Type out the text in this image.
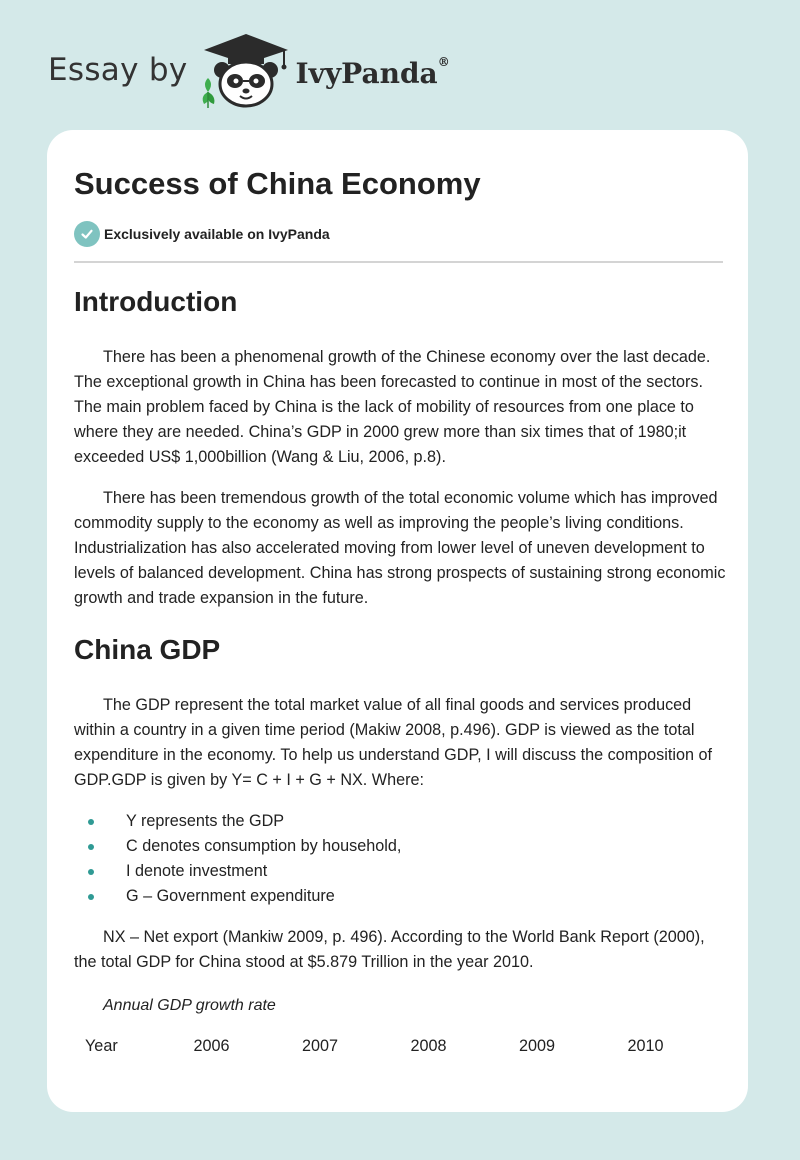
Essay by	IvyPanda®
Success of China Economy
Exclusively available on IvyPanda
Introduction

There has been a phenomenal growth of the Chinese economy over the last decade. The exceptional growth in China has been forecasted to continue in most of the sectors. The main problem faced by China is the lack of mobility of resources from one place to where they are needed. China’s GDP in 2000 grew more than six times that of 1980;it exceeded US$ 1,000billion (Wang & Liu, 2006, p.8).

There has been tremendous growth of the total economic volume which has improved commodity supply to the economy as well as improving the people’s living conditions. Industrialization has also accelerated moving from lower level of uneven development to levels of balanced development. China has strong prospects of sustaining strong economic growth and trade expansion in the future.

China GDP

The GDP represent the total market value of all final goods and services produced within a country in a given time period (Makiw 2008, p.496). GDP is viewed as the total expenditure in the economy. To help us understand GDP, I will discuss the composition of GDP.GDP is given by Y= C + I + G + NX. Where:

Y represents the GDP
C denotes consumption by household,
I denote investment
G – Government expenditure

NX – Net export (Mankiw 2009, p. 496). According to the World Bank Report (2000), the total GDP for China stood at $5.879 Trillion in the year 2010.

Annual GDP growth rate
Year	2006	2007	2008	2009	2010
